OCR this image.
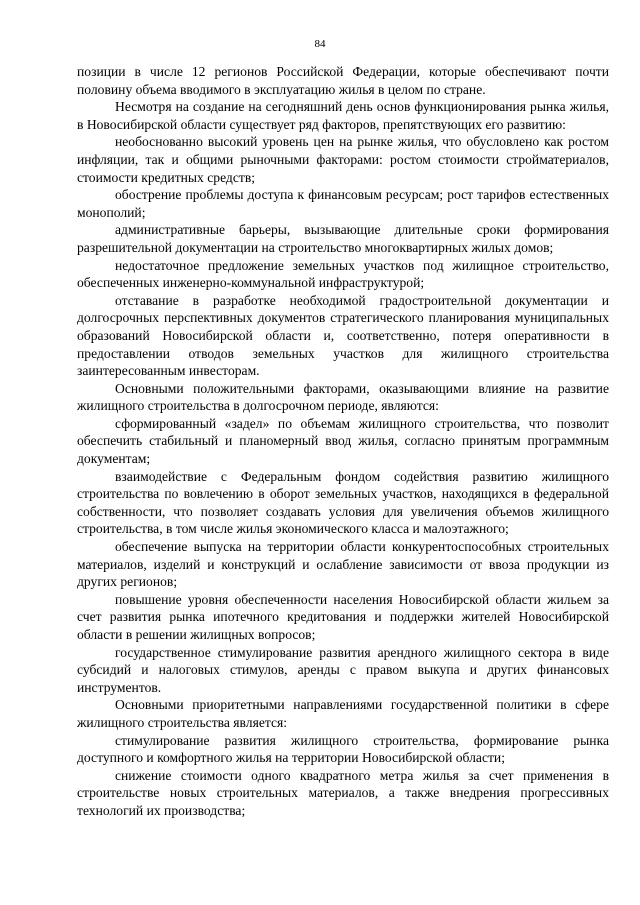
84

позиции в числе 12 регионов Российской Федерации, которые обеспечивают почти половину объема вводимого в эксплуатацию жилья в целом по стране.

Несмотря на создание на сегодняшний день основ функционирования рынка жилья, в Новосибирской области существует ряд факторов, препятствующих его развитию:

необоснованно высокий уровень цен на рынке жилья, что обусловлено как ростом инфляции, так и общими рыночными факторами: ростом стоимости стройматериалов, стоимости кредитных средств;

обострение проблемы доступа к финансовым ресурсам; рост тарифов естественных монополий;

административные барьеры, вызывающие длительные сроки формирования разрешительной документации на строительство многоквартирных жилых домов;

недостаточное предложение земельных участков под жилищное строительство, обеспеченных инженерно-коммунальной инфраструктурой;

отставание в разработке необходимой градостроительной документации и долгосрочных перспективных документов стратегического планирования муниципальных образований Новосибирской области и, соответственно, потеря оперативности в предоставлении отводов земельных участков для жилищного строительства заинтересованным инвесторам.

Основными положительными факторами, оказывающими влияние на развитие жилищного строительства в долгосрочном периоде, являются:

сформированный «задел» по объемам жилищного строительства, что позволит обеспечить стабильный и планомерный ввод жилья, согласно принятым программным документам;

взаимодействие с Федеральным фондом содействия развитию жилищного строительства по вовлечению в оборот земельных участков, находящихся в федеральной собственности, что позволяет создавать условия для увеличения объемов жилищного строительства, в том числе жилья экономического класса и малоэтажного;

обеспечение выпуска на территории области конкурентоспособных строительных материалов, изделий и конструкций и ослабление зависимости от ввоза продукции из других регионов;

повышение уровня обеспеченности населения Новосибирской области жильем за счет развития рынка ипотечного кредитования и поддержки жителей Новосибирской области в решении жилищных вопросов;

государственное стимулирование развития арендного жилищного сектора в виде субсидий и налоговых стимулов, аренды с правом выкупа и других финансовых инструментов.

Основными приоритетными направлениями государственной политики в сфере жилищного строительства является:

стимулирование развития жилищного строительства, формирование рынка доступного и комфортного жилья на территории Новосибирской области;

снижение стоимости одного квадратного метра жилья за счет применения в строительстве новых строительных материалов, а также внедрения прогрессивных технологий их производства;
